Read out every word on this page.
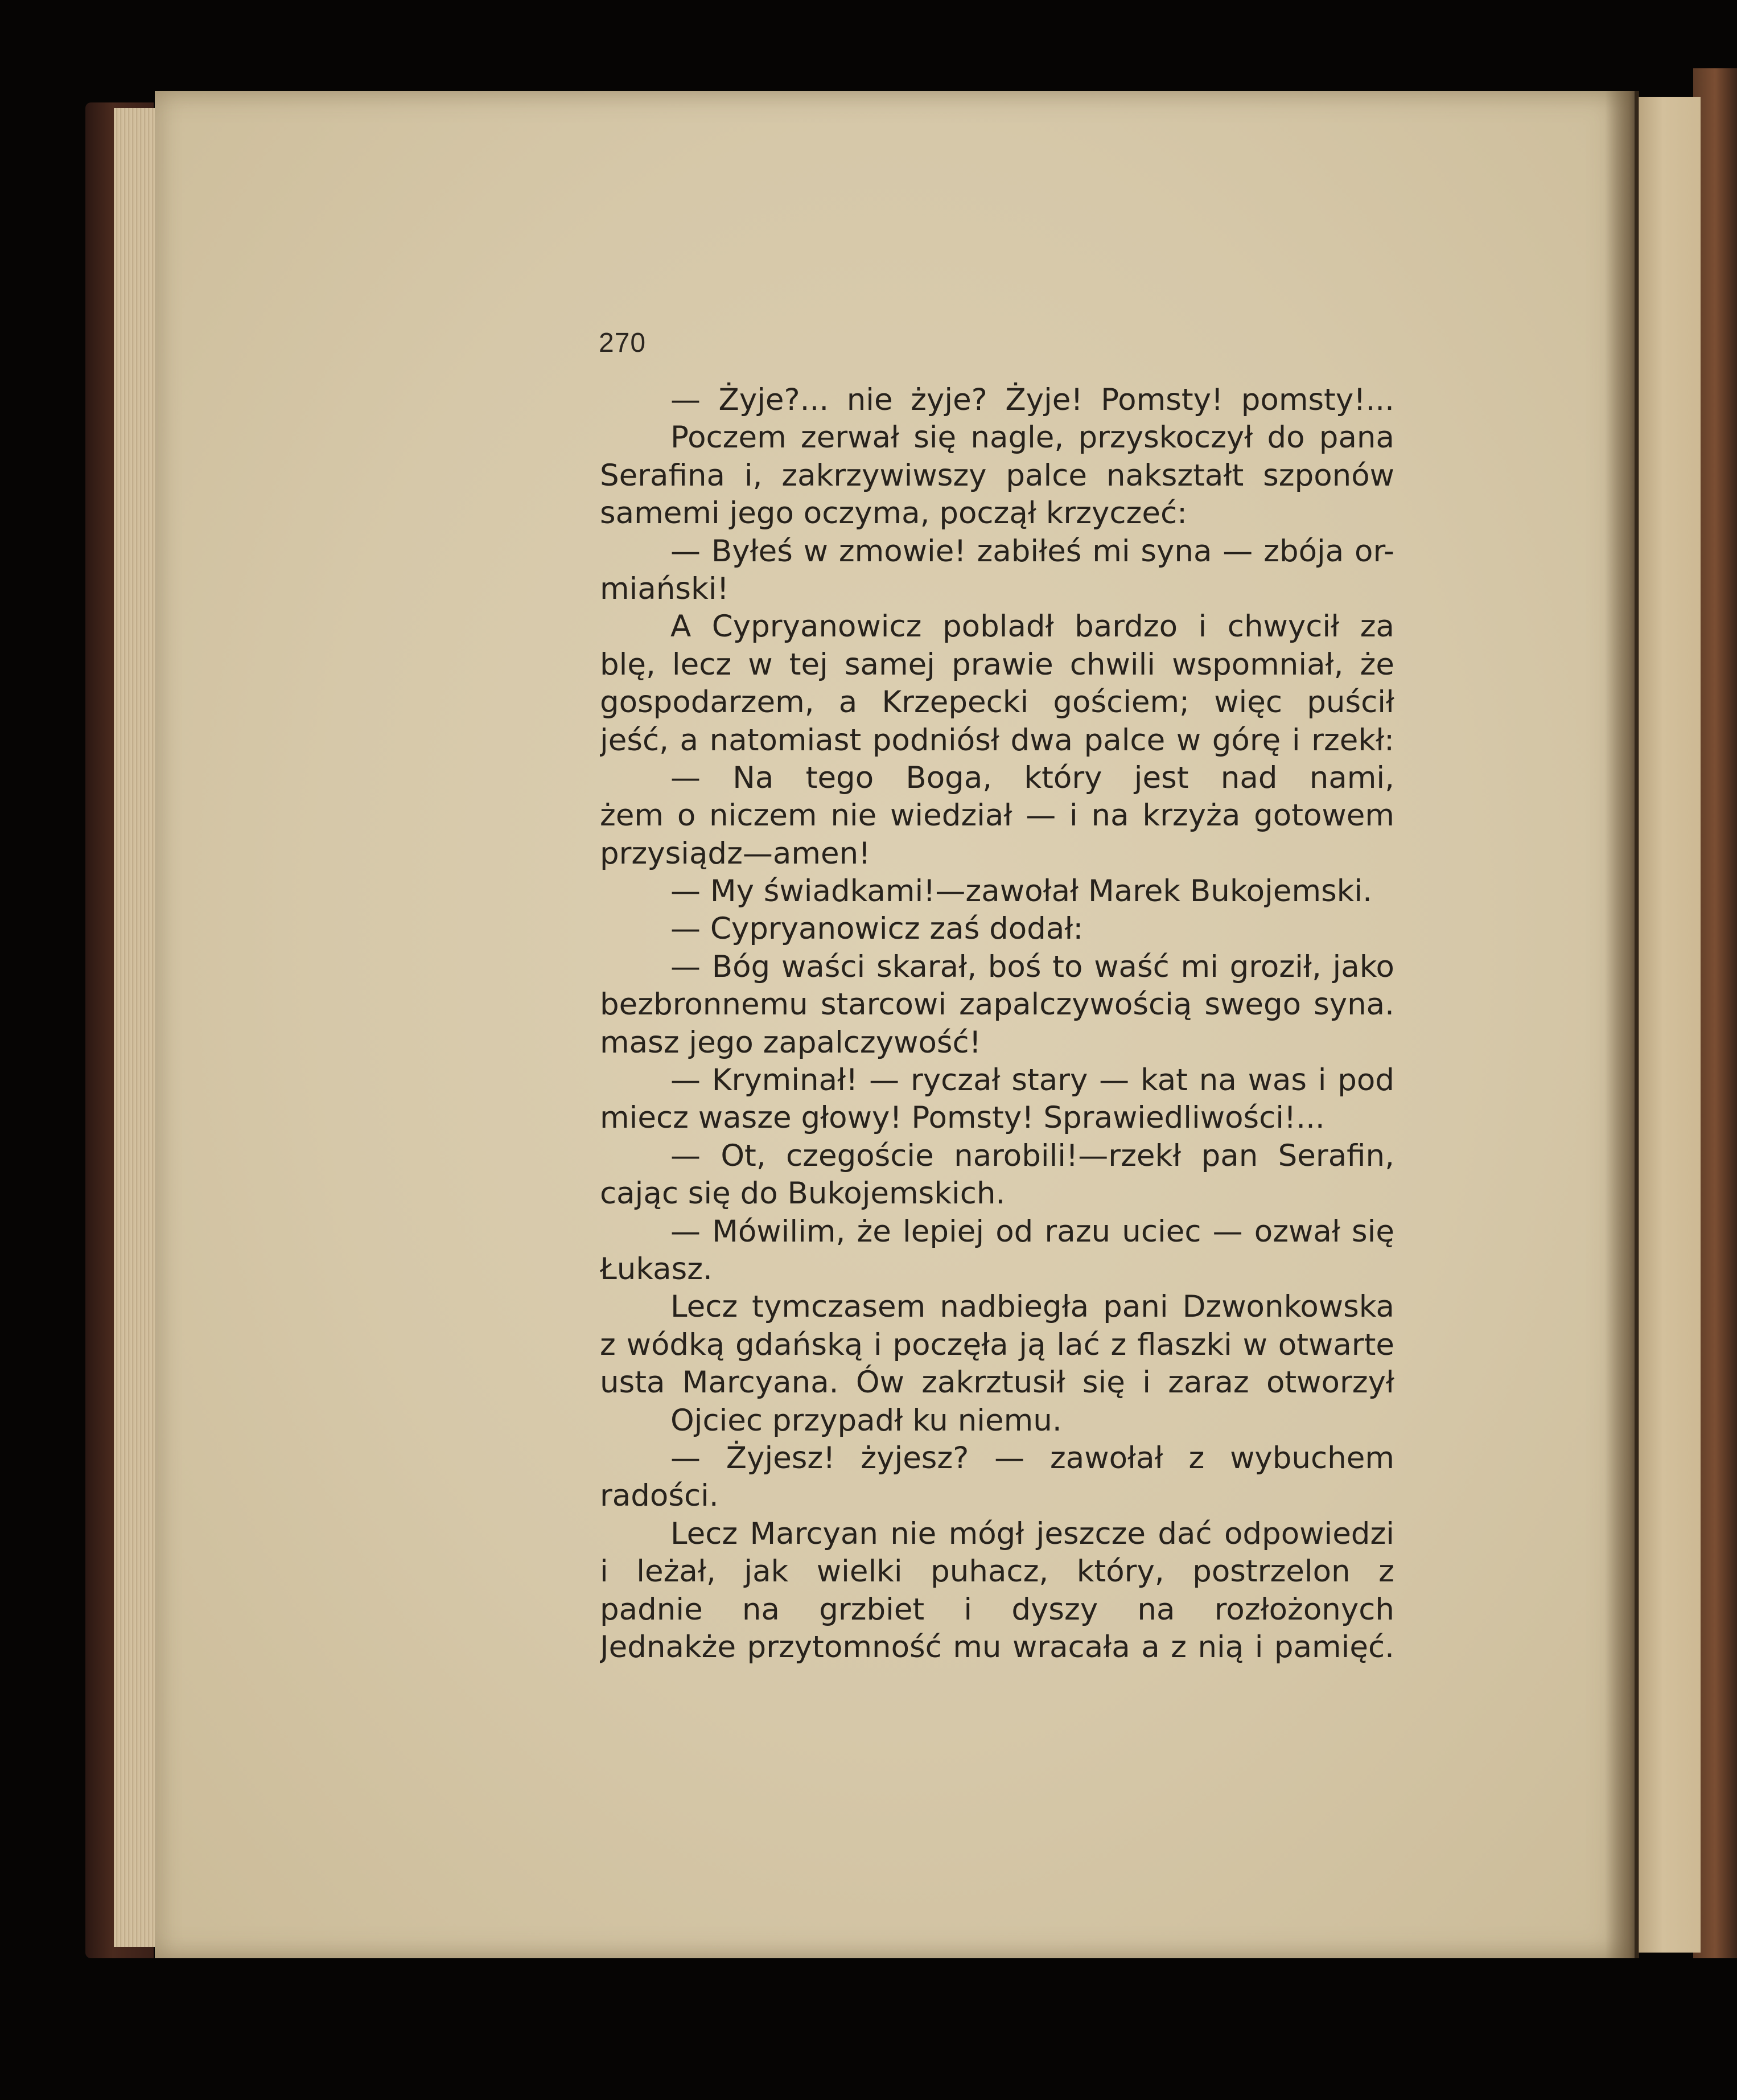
270
— Żyje?... nie żyje? Żyje! Pomsty! pomsty!...
Poczem zerwał się nagle, przyskoczył do pana
Serafina i, zakrzywiwszy palce nakształt szponów
samemi jego oczyma, począł krzyczeć:
— Byłeś w zmowie! zabiłeś mi syna — zbója or-
miański!
A Cypryanowicz pobladł bardzo i chwycił za
blę, lecz w tej samej prawie chwili wspomniał, że
gospodarzem, a Krzepecki gościem; więc puścił
jeść, a natomiast podniósł dwa palce w górę i rzekł:
— Na tego Boga, który jest nad nami,
żem o niczem nie wiedział — i na krzyża gotowem
przysiądz—amen!
— My świadkami!—zawołał Marek Bukojemski.
— Cypryanowicz zaś dodał:
— Bóg waści skarał, boś to waść mi groził, jako
bezbronnemu starcowi zapalczywością swego syna.
masz jego zapalczywość!
— Kryminał! — ryczał stary — kat na was i pod
miecz wasze głowy! Pomsty! Sprawiedliwości!...
— Ot, czegoście narobili!—rzekł pan Serafin,
cając się do Bukojemskich.
— Mówilim, że lepiej od razu uciec — ozwał się
Łukasz.
Lecz tymczasem nadbiegła pani Dzwonkowska
z wódką gdańską i poczęła ją lać z flaszki w otwarte
usta Marcyana. Ów zakrztusił się i zaraz otworzył
Ojciec przypadł ku niemu.
— Żyjesz! żyjesz? — zawołał z wybuchem
radości.
Lecz Marcyan nie mógł jeszcze dać odpowiedzi
i leżał, jak wielki puhacz, który, postrzelon z
padnie na grzbiet i dyszy na rozłożonych
Jednakże przytomność mu wracała a z nią i pamięć.
